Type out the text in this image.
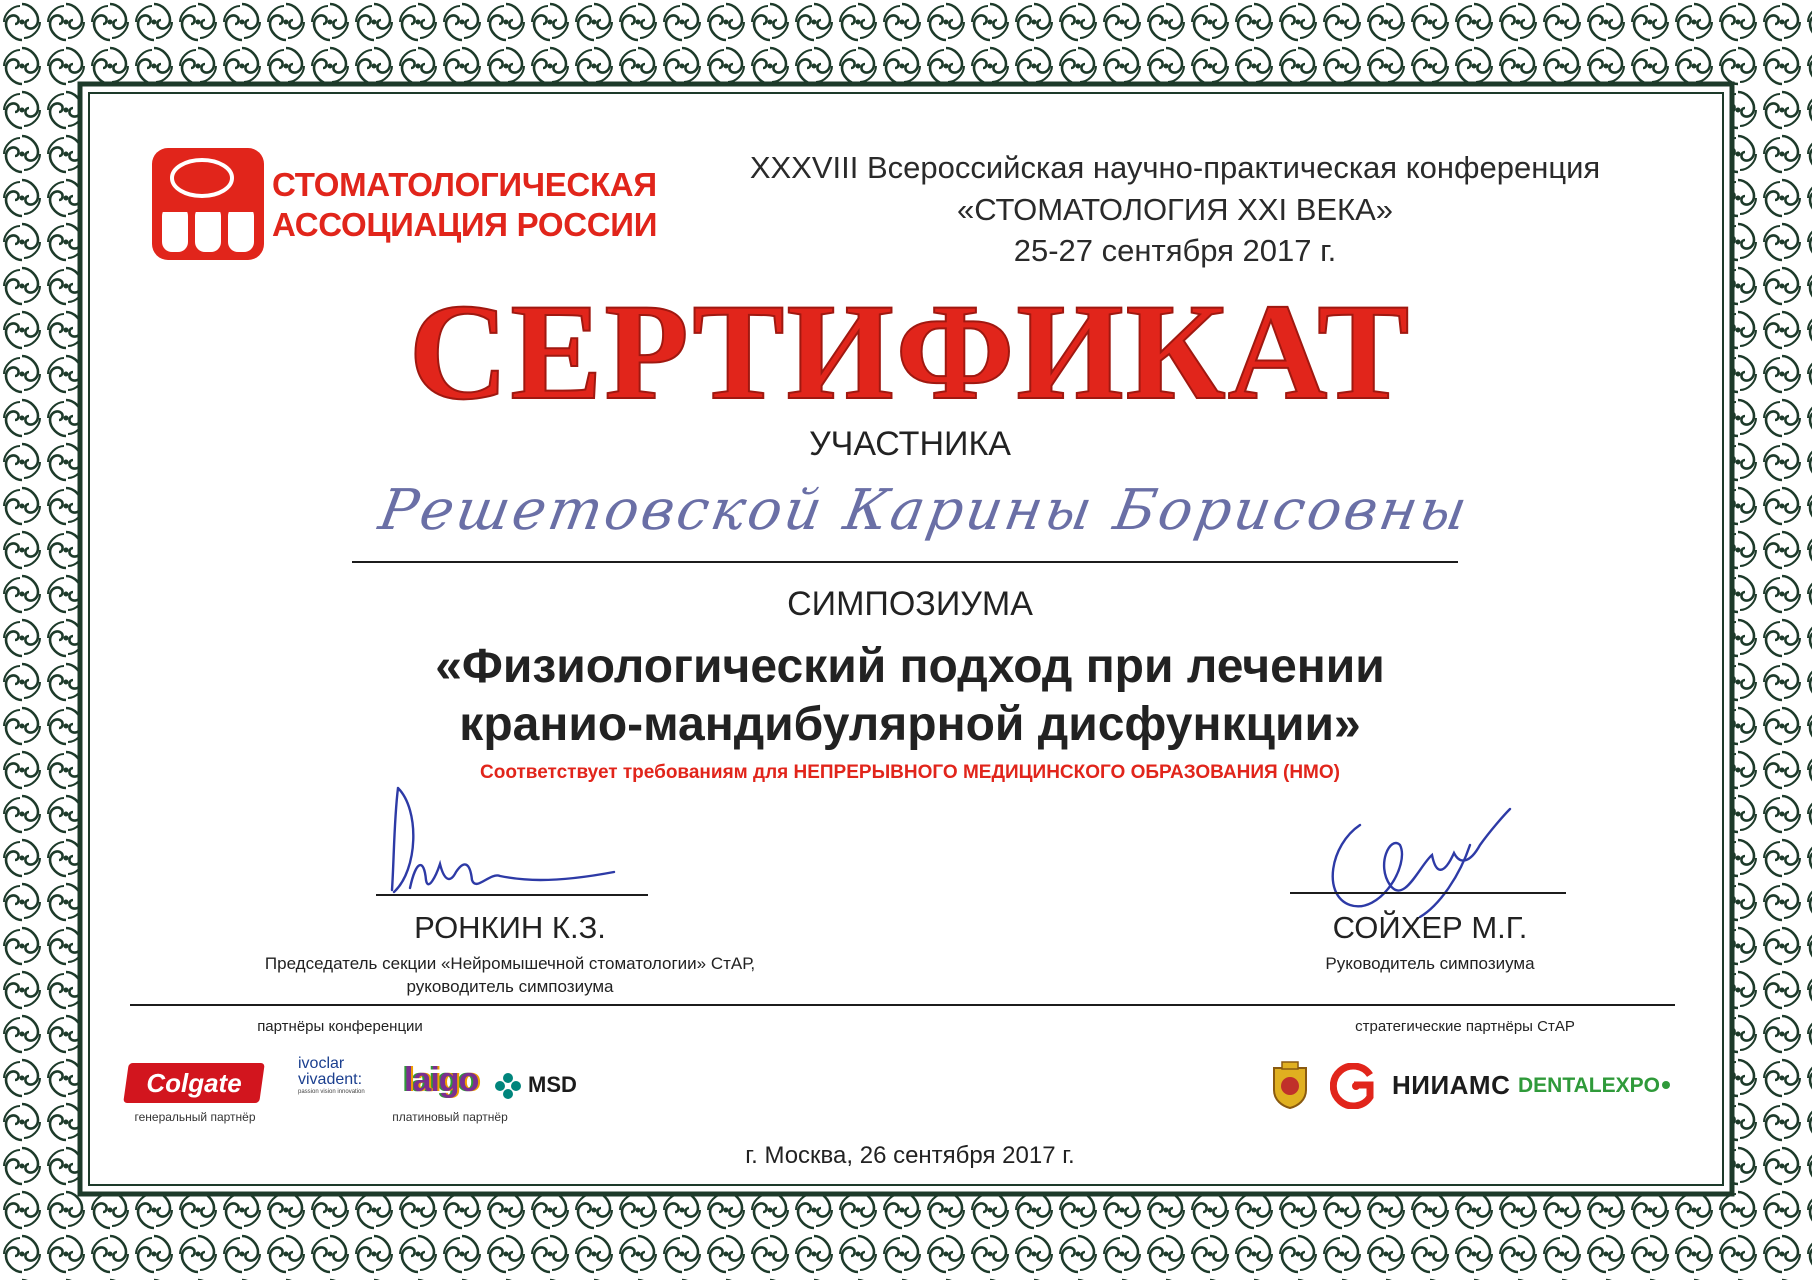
СТОМАТОЛОГИЧЕСКАЯ
АССОЦИАЦИЯ РОССИИ
XXXVIII Всероссийская научно-практическая конференция
«СТОМАТОЛОГИЯ XXI ВЕКА»
25-27 сентября 2017 г.
СЕРТИФИКАТ
УЧАСТНИКА
Решетовской Карины Борисовны
СИМПОЗИУМА
«Физиологический подход при лечении
кранио-мандибулярной дисфункции»
Соответствует требованиям для НЕПРЕРЫВНОГО МЕДИЦИНСКОГО ОБРАЗОВАНИЯ (НМО)
РОНКИН К.З.
Председатель секции «Нейромышечной стоматологии» СтАР,
руководитель симпозиума
СОЙХЕР М.Г.
Руководитель симпозиума
партнёры конференции	стратегические партнёры СтАР
Colgate
генеральный партнёр
ivoclar
vivadent:
passion vision innovation	laigo
платиновый партнёр
MSD	НИИАМС DENTALEXPO
г. Москва, 26 сентября 2017 г.
